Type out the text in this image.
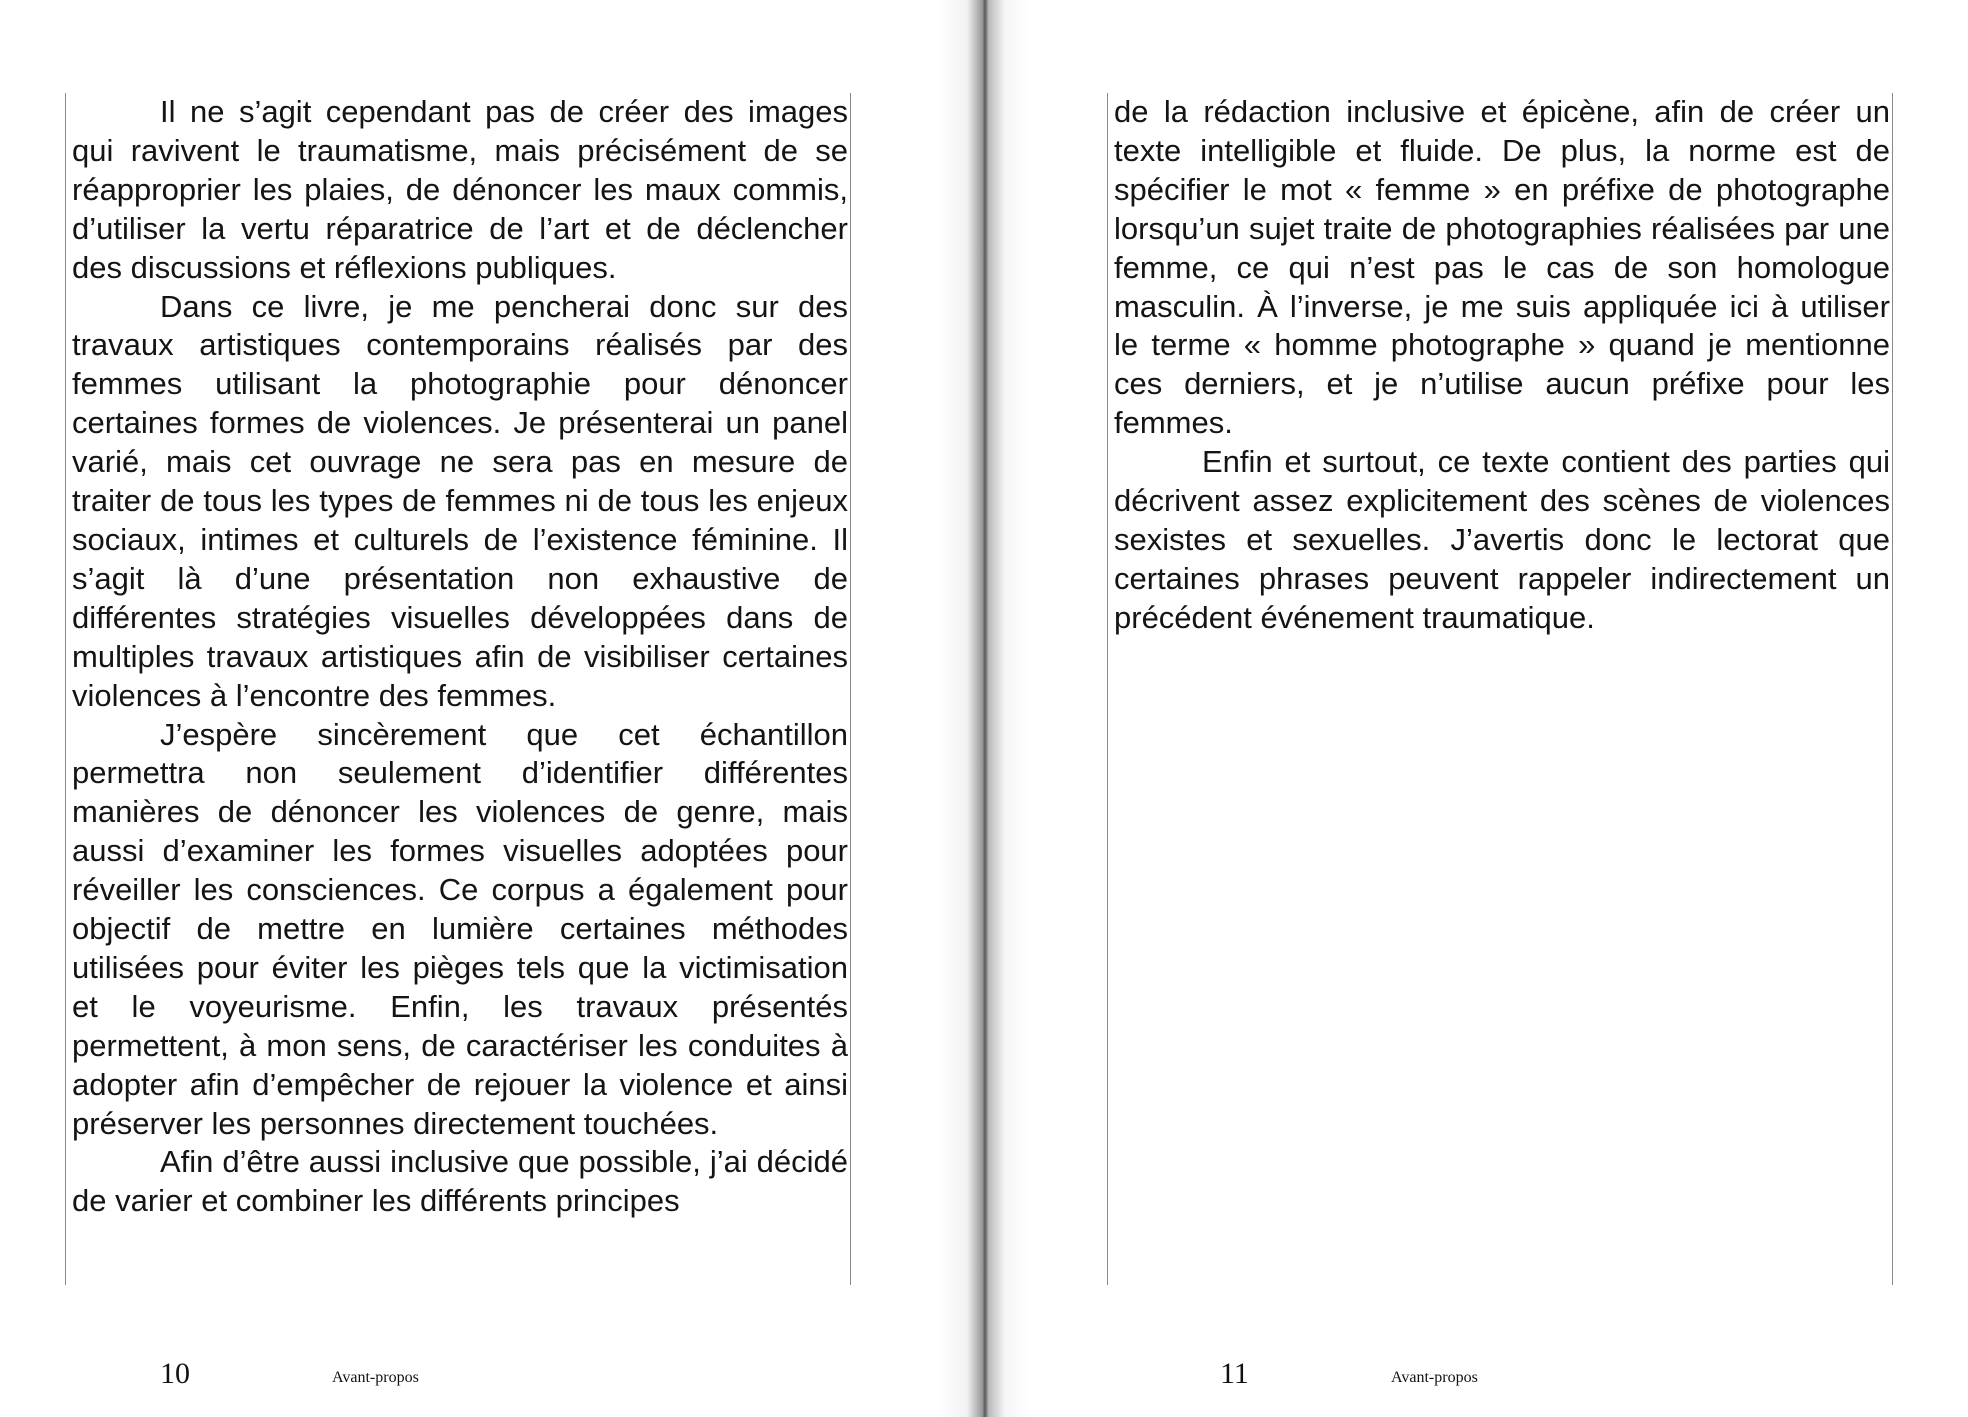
Il ne s’agit cependant pas de créer des images qui ravivent le traumatisme, mais précisément de se réapproprier les plaies, de dénoncer les maux commis, d’utiliser la vertu réparatrice de l’art et de déclencher des discussions et réflexions publiques.

Dans ce livre, je me pencherai donc sur des travaux artistiques contemporains réalisés par des femmes utilisant la photographie pour dénoncer certaines formes de violences. Je présenterai un panel varié, mais cet ouvrage ne sera pas en mesure de traiter de tous les types de femmes ni de tous les enjeux sociaux, intimes et culturels de l’existence féminine. Il s’agit là d’une présentation non exhaustive de différentes stratégies visuelles développées dans de multiples travaux artistiques afin de visibiliser certaines violences à l’encontre des femmes.

J’espère sincèrement que cet échantillon permettra non seulement d’identifier différentes manières de dénoncer les violences de genre, mais aussi d’examiner les formes visuelles adoptées pour réveiller les consciences. Ce corpus a également pour objectif de mettre en lumière certaines méthodes utilisées pour éviter les pièges tels que la victimisation et le voyeurisme. Enfin, les travaux présentés permettent, à mon sens, de caractériser les conduites à adopter afin d’empêcher de rejouer la violence et ainsi préserver les personnes directement touchées.

Afin d’être aussi inclusive que possible, j’ai décidé de varier et combiner les différents principes

10	Avant-propos

de la rédaction inclusive et épicène, afin de créer un texte intelligible et fluide. De plus, la norme est de spécifier le mot « femme » en préfixe de photographe lorsqu’un sujet traite de photographies réalisées par une femme, ce qui n’est pas le cas de son homologue masculin. À l’inverse, je me suis appliquée ici à utiliser le terme « homme photographe » quand je mentionne ces derniers, et je n’utilise aucun préfixe pour les femmes.

Enfin et surtout, ce texte contient des parties qui décrivent assez explicitement des scènes de violences sexistes et sexuelles. J’avertis donc le lectorat que certaines phrases peuvent rappeler indirectement un précédent événement traumatique.

11	Avant-propos
